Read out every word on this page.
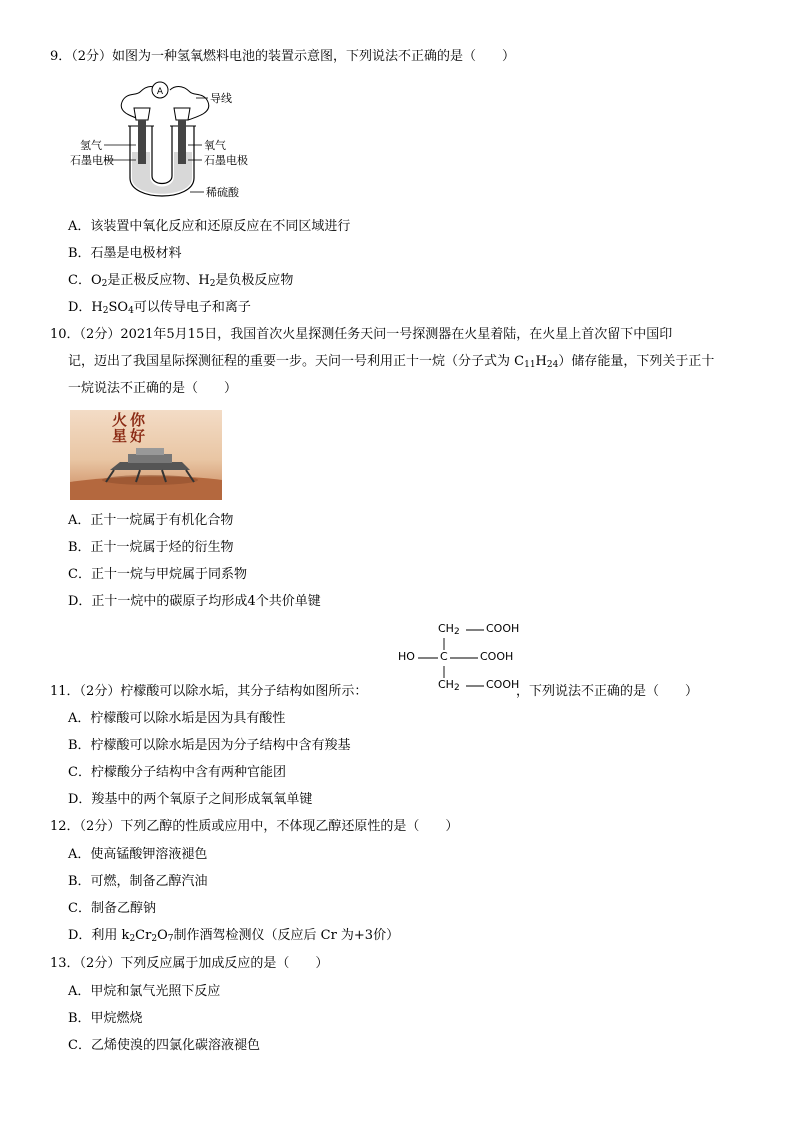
9．（2分）如图为一种氢氧燃料电池的装置示意图，下列说法不正确的是（　　）
A	导线
氢气
石墨电极
氧气
石墨电极
稀硫酸
A．该装置中氧化反应和还原反应在不同区域进行
B．石墨是电极材料
C．$O_2$是正极反应物、$H_2$是负极反应物
D．$H_2SO_4$可以传导电子和离子
10．（2分）2021年5月15日，我国首次火星探测任务天问一号探测器在火星着陆，在火星上首次留下中国印
记，迈出了我国星际探测征程的重要一步。天问一号利用正十一烷（分子式为 $C_{11}H_{24}$）储存能量，下列关于正十
一烷说法不正确的是（　　）
你好火星
A．正十一烷属于有机化合物
B．正十一烷属于烃的衍生物
C．正十一烷与甲烷属于同系物
D．正十一烷中的碳原子均形成4个共价单键
$CH_2$ COOH
HO C	COOH
$CH_2$ COOH
11．（2分）柠檬酸可以除水垢，其分子结构如图所示：	，下列说法不正确的是（　　）
A．柠檬酸可以除水垢是因为具有酸性
B．柠檬酸可以除水垢是因为分子结构中含有羧基
C．柠檬酸分子结构中含有两种官能团
D．羧基中的两个氧原子之间形成氧氧单键
12．（2分）下列乙醇的性质或应用中，不体现乙醇还原性的是（　　）
A．使高锰酸钾溶液褪色
B．可燃，制备乙醇汽油
C．制备乙醇钠
D．利用 $k_2Cr_2O_7$制作酒驾检测仪（反应后 Cr 为+3价）
13．（2分）下列反应属于加成反应的是（　　）
A．甲烷和氯气光照下反应
B．甲烷燃烧
C．乙烯使溴的四氯化碳溶液褪色
